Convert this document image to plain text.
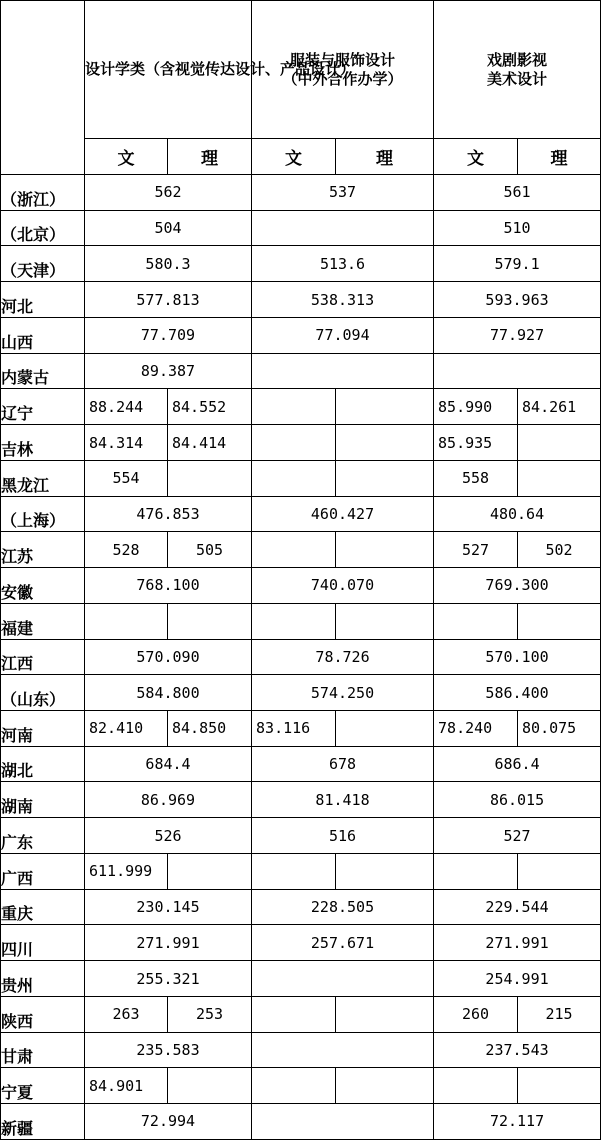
	设计学类（含视觉传达设计、产品设计）		服装与服饰设计
（中外合作办学）		戏剧影视
美术设计	

	文	理	文	理	文	理
（浙江）	562		537		561	
（北京）	504				510	
（天津）	580.3		513.6		579.1	
河北	577.813		538.313		593.963	
山西	77.709		77.094		77.927	
内蒙古	89.387					
辽宁	88.244	84.552			85.990	84.261
吉林	84.314	84.414			85.935	
黑龙江	554				558	
（上海）	476.853		460.427		480.64	
江苏	528	505			527	502
安徽	768.100		740.070		769.300	
福建						
江西	570.090		78.726		570.100	
（山东）	584.800		574.250		586.400	
河南	82.410	84.850	83.116		78.240	80.075
湖北	684.4		678		686.4	
湖南	86.969		81.418		86.015	
广东	526		516		527	
广西	611.999					
重庆	230.145		228.505		229.544	
四川	271.991		257.671		271.991	
贵州	255.321				254.991	
陕西	263	253			260	215
甘肃	235.583				237.543	
宁夏	84.901					
新疆	72.994				72.117	
